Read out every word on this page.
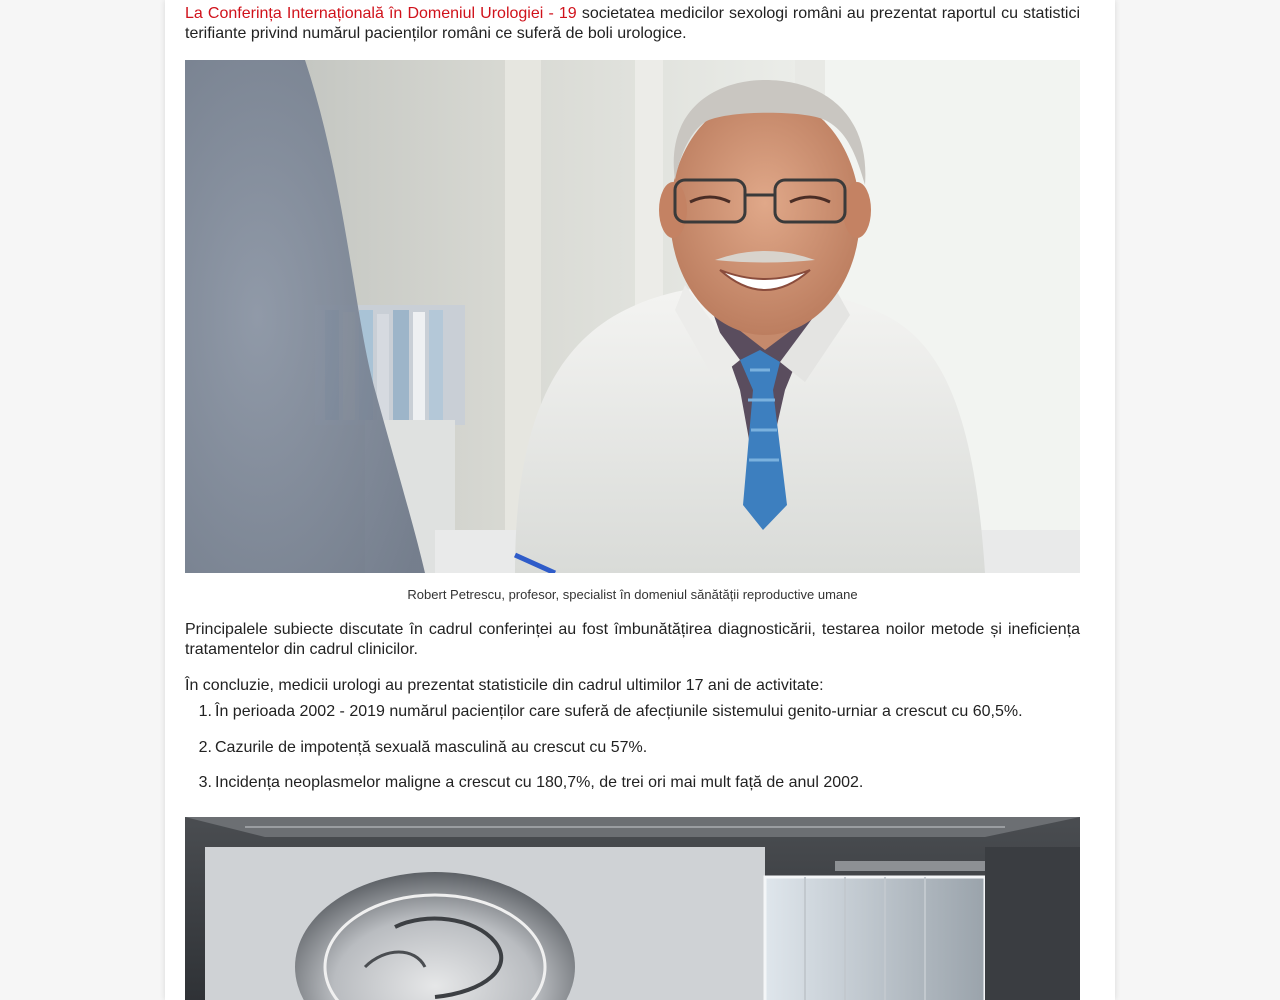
La Conferința Internațională în Domeniul Urologiei - 19 societatea medicilor sexologi români au prezentat raportul cu statistici terifiante privind numărul pacienților români ce suferă de boli urologice.

Robert Petrescu, profesor, specialist în domeniul sănătății reproductive umane

Principalele subiecte discutate în cadrul conferinței au fost îmbunătățirea diagnosticării, testarea noilor metode și ineficiența tratamentelor din cadrul clinicilor.

În concluzie, medicii urologi au prezentat statisticile din cadrul ultimilor 17 ani de activitate:

1. În perioada 2002 - 2019 numărul pacienților care suferă de afecțiunile sistemului genito-urniar a crescut cu 60,5%.
2. Cazurile de impotență sexuală masculină au crescut cu 57%.
3. Incidența neoplasmelor maligne a crescut cu 180,7%, de trei ori mai mult față de anul 2002.
